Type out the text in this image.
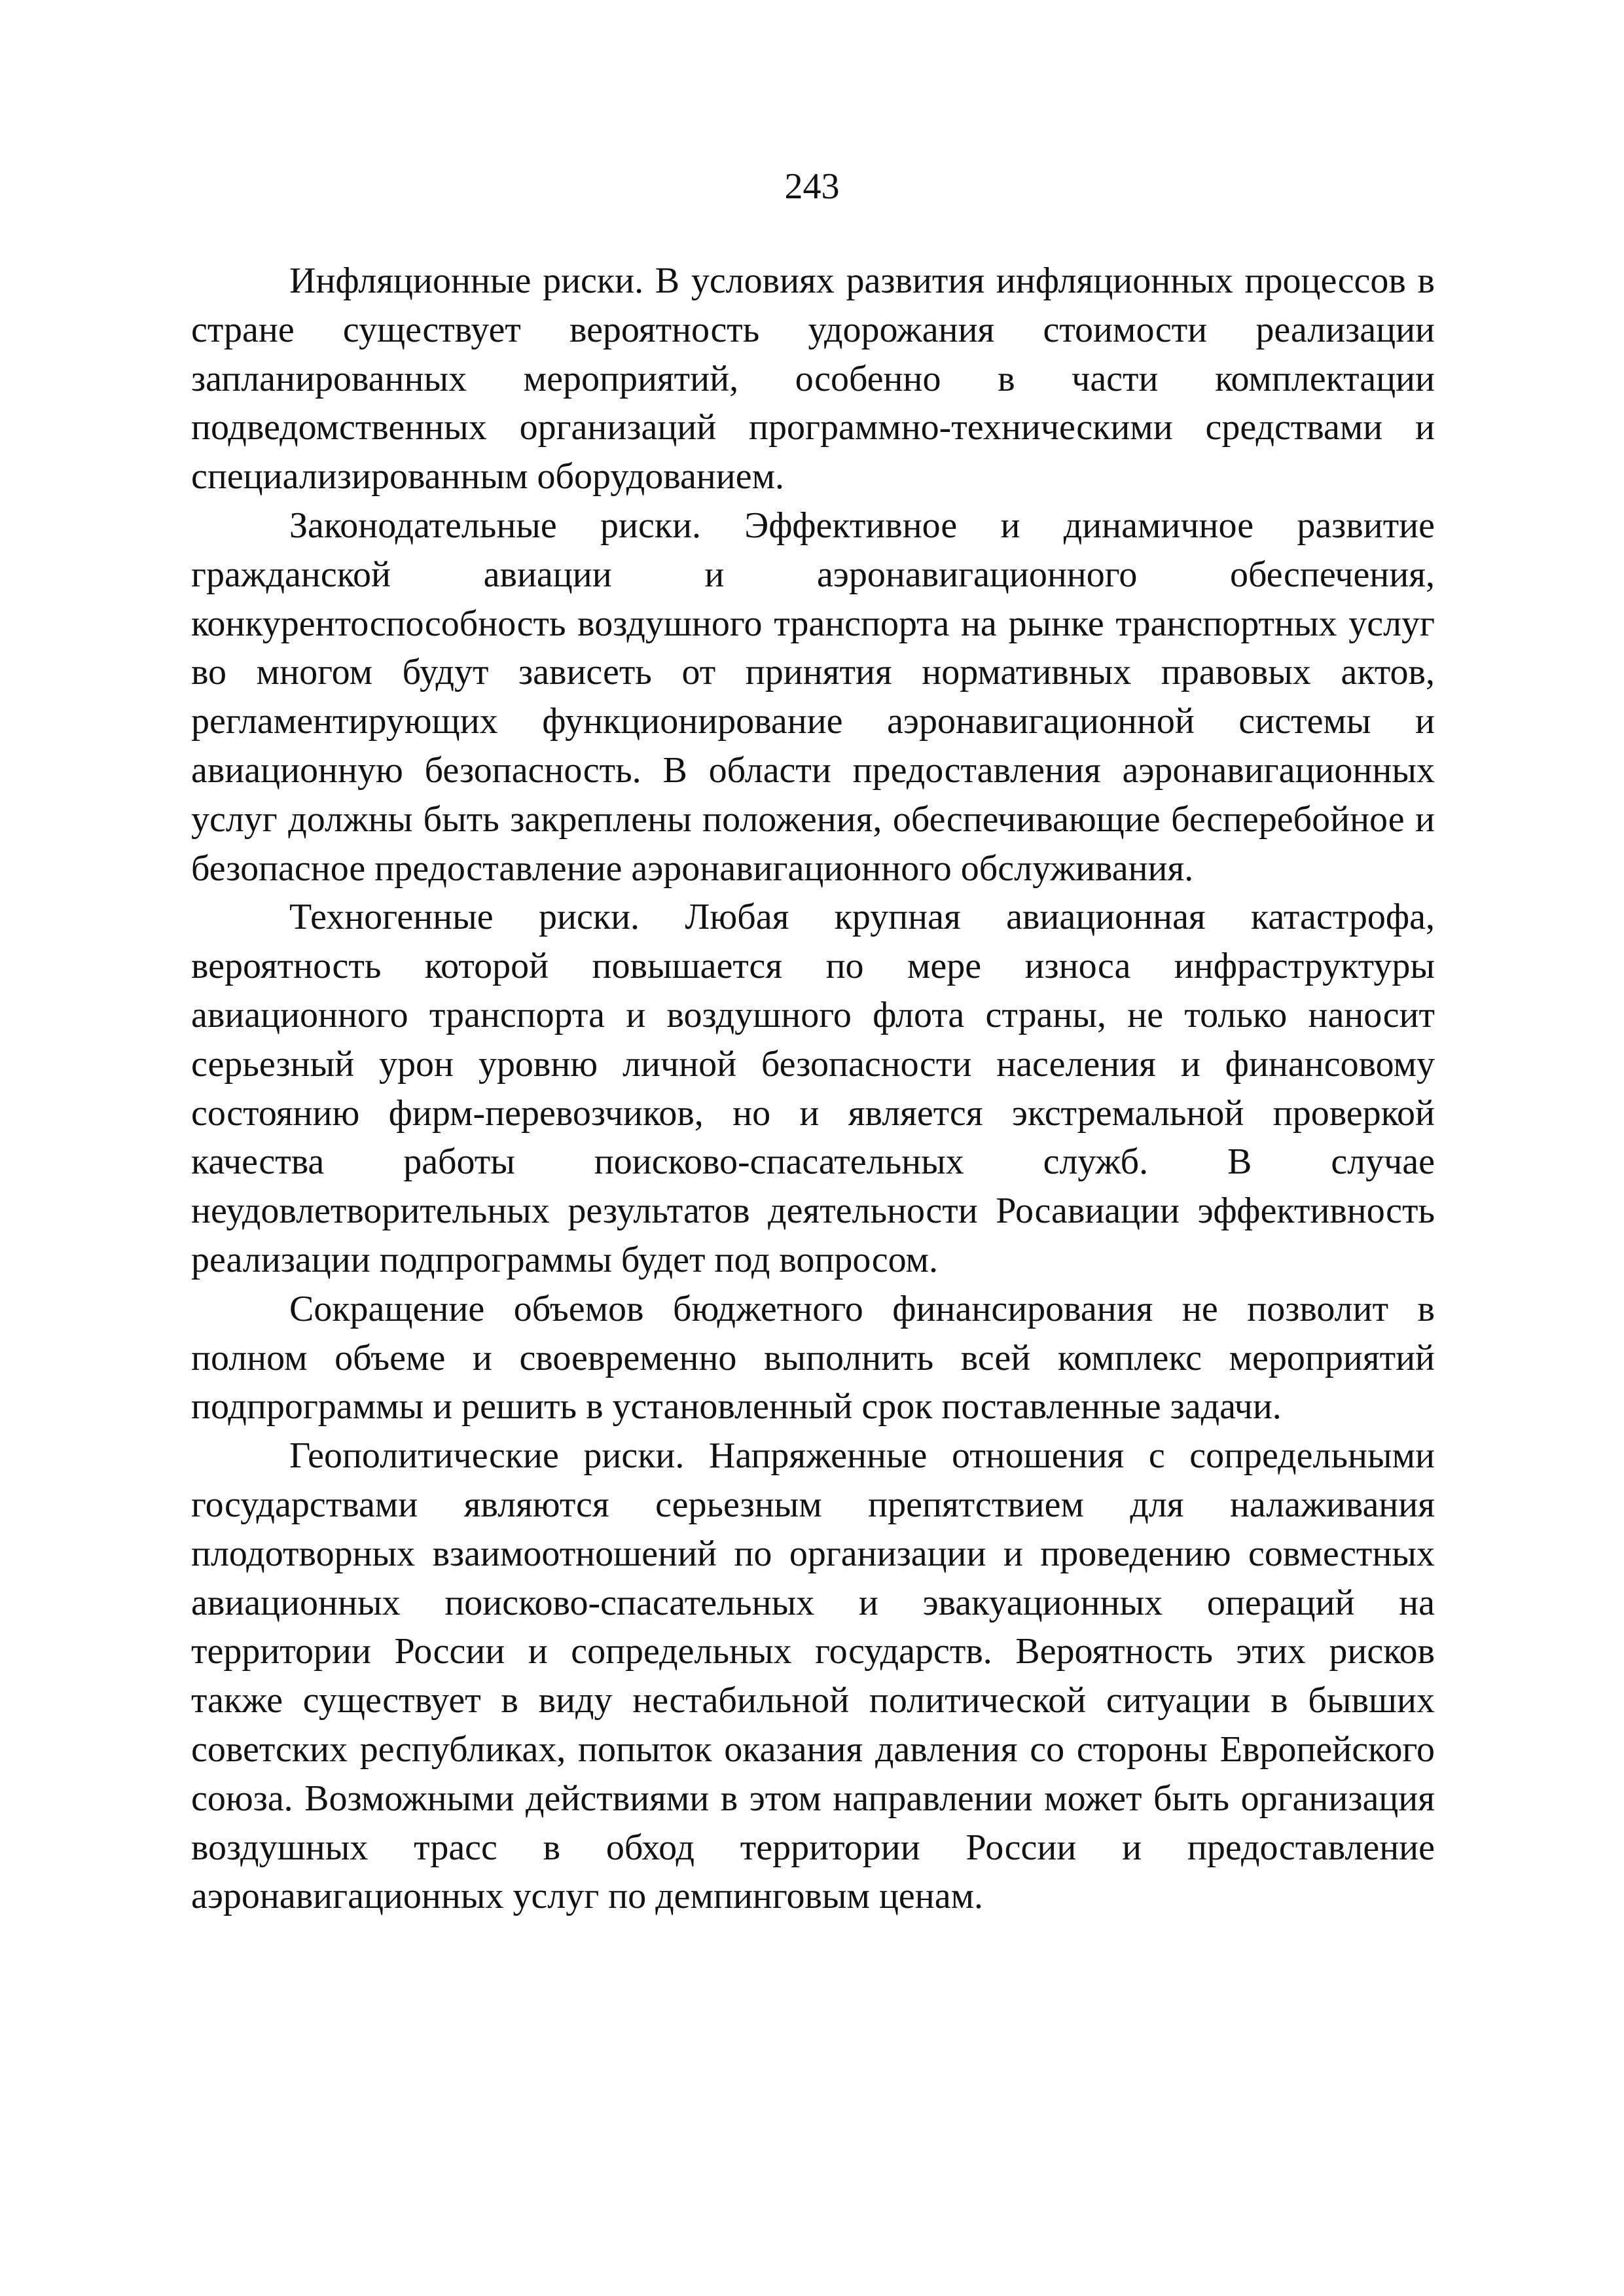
243

Инфляционные риски. В условиях развития инфляционных процессов в стране существует вероятность удорожания стоимости реализации запланированных мероприятий, особенно в части комплектации подведомственных организаций программно-техническими средствами и специализированным оборудованием.

Законодательные риски. Эффективное и динамичное развитие гражданской авиации и аэронавигационного обеспечения, конкурентоспособность воздушного транспорта на рынке транспортных услуг во многом будут зависеть от принятия нормативных правовых актов, регламентирующих функционирование аэронавигационной системы и авиационную безопасность. В области предоставления аэронавигационных услуг должны быть закреплены положения, обеспечивающие бесперебойное и безопасное предоставление аэронавигационного обслуживания.

Техногенные риски. Любая крупная авиационная катастрофа, вероятность которой повышается по мере износа инфраструктуры авиационного транспорта и воздушного флота страны, не только наносит серьезный урон уровню личной безопасности населения и финансовому состоянию фирм-перевозчиков, но и является экстремальной проверкой качества работы поисково-спасательных служб. В случае неудовлетворительных результатов деятельности Росавиации эффективность реализации подпрограммы будет под вопросом.

Сокращение объемов бюджетного финансирования не позволит в полном объеме и своевременно выполнить всей комплекс мероприятий подпрограммы и решить в установленный срок поставленные задачи.

Геополитические риски. Напряженные отношения с сопредельными государствами являются серьезным препятствием для налаживания плодотворных взаимоотношений по организации и проведению совместных авиационных поисково-спасательных и эвакуационных операций на территории России и сопредельных государств. Вероятность этих рисков также существует в виду нестабильной политической ситуации в бывших советских республиках, попыток оказания давления со стороны Европейского союза. Возможными действиями в этом направлении может быть организация воздушных трасс в обход территории России и предоставление аэронавигационных услуг по демпинговым ценам.
